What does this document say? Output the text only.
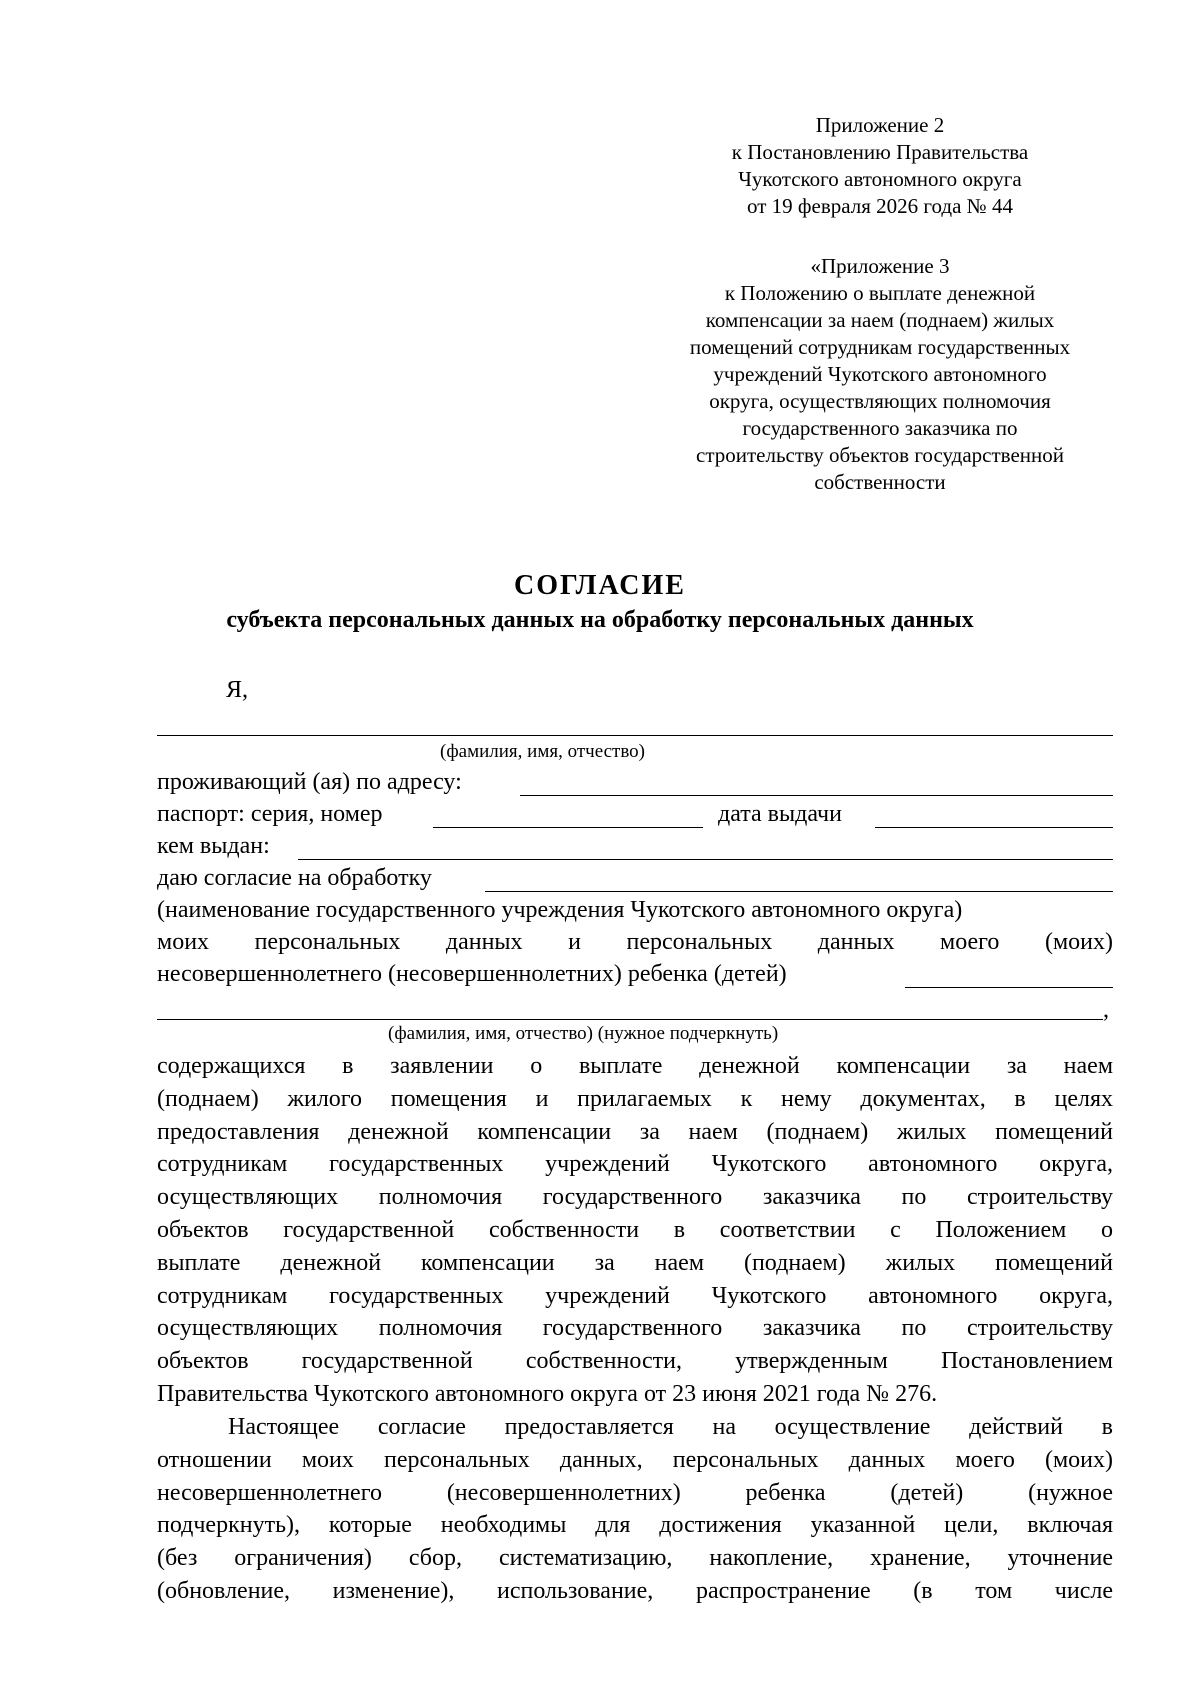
Приложение 2
к Постановлению Правительства
Чукотского автономного округа
от 19 февраля 2026 года № 44
«Приложение 3
к Положению о выплате денежной
компенсации за наем (поднаем) жилых
помещений сотрудникам государственных
учреждений Чукотского автономного
округа, осуществляющих полномочия
государственного заказчика по
строительству объектов государственной
собственности
СОГЛАСИЕ
субъекта персональных данных на обработку персональных данных
Я,
(фамилия, имя, отчество)
проживающий (ая) по адресу:
паспорт: серия, номер	дата выдачи
кем выдан:
даю согласие на обработку
(наименование государственного учреждения Чукотского автономного округа)
моих персональных данных и персональных данных моего (моих)
несовершеннолетнего (несовершеннолетних) ребенка (детей)
,
(фамилия, имя, отчество) (нужное подчеркнуть)
содержащихся в заявлении о выплате денежной компенсации за наем
(поднаем) жилого помещения и прилагаемых к нему документах, в целях
предоставления денежной компенсации за наем (поднаем) жилых помещений
сотрудникам государственных учреждений Чукотского автономного округа,
осуществляющих полномочия государственного заказчика по строительству
объектов государственной собственности в соответствии с Положением о
выплате денежной компенсации за наем (поднаем) жилых помещений
сотрудникам государственных учреждений Чукотского автономного округа,
осуществляющих полномочия государственного заказчика по строительству
объектов государственной собственности, утвержденным Постановлением
Правительства Чукотского автономного округа от 23 июня 2021 года № 276.
Настоящее согласие предоставляется на осуществление действий в
отношении моих персональных данных, персональных данных моего (моих)
несовершеннолетнего (несовершеннолетних) ребенка (детей) (нужное
подчеркнуть), которые необходимы для достижения указанной цели, включая
(без ограничения) сбор, систематизацию, накопление, хранение, уточнение
(обновление, изменение), использование, распространение (в том числе
